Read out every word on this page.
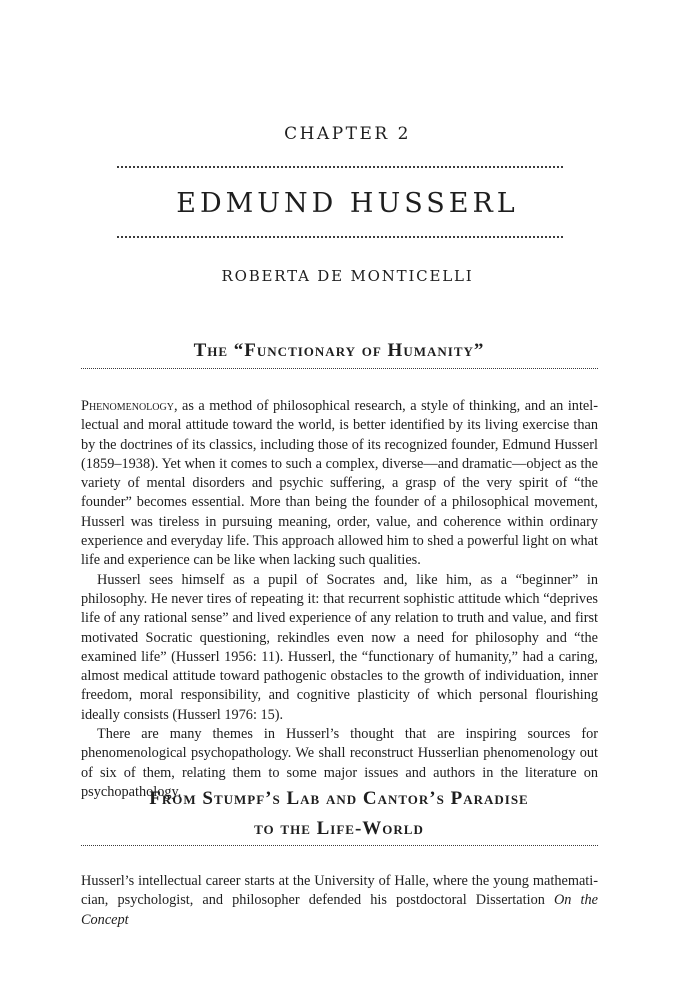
CHAPTER 2
EDMUND HUSSERL
ROBERTA DE MONTICELLI
The “Functionary of Humanity”

Phenomenology, as a method of philosophical research, a style of thinking, and an intellectual and moral attitude toward the world, is better identified by its living exercise than by the doctrines of its classics, including those of its recognized founder, Edmund Husserl (1859–1938). Yet when it comes to such a complex, diverse—and dramatic—object as the variety of mental disorders and psychic suffering, a grasp of the very spirit of “the founder” becomes essential. More than being the founder of a philosophical movement, Husserl was tireless in pursuing meaning, order, value, and coherence within ordinary experience and everyday life. This approach allowed him to shed a powerful light on what life and experience can be like when lacking such qualities.

Husserl sees himself as a pupil of Socrates and, like him, as a “beginner” in philosophy. He never tires of repeating it: that recurrent sophistic attitude which “deprives life of any rational sense” and lived experience of any relation to truth and value, and first motivated Socratic questioning, rekindles even now a need for philosophy and “the examined life” (Husserl 1956: 11). Husserl, the “functionary of humanity,” had a caring, almost medical attitude toward pathogenic obstacles to the growth of individuation, inner freedom, moral responsibility, and cognitive plasticity of which personal flourishing ideally consists (Husserl 1976: 15).

There are many themes in Husserl’s thought that are inspiring sources for phenomenological psychopathology. We shall reconstruct Husserlian phenomenology out of six of them, relating them to some major issues and authors in the literature on psychopathology.

From Stumpf’s Lab and Cantor’s Paradise
to the Life-World

Husserl’s intellectual career starts at the University of Halle, where the young mathematician, psychologist, and philosopher defended his postdoctoral Dissertation On the Concept
